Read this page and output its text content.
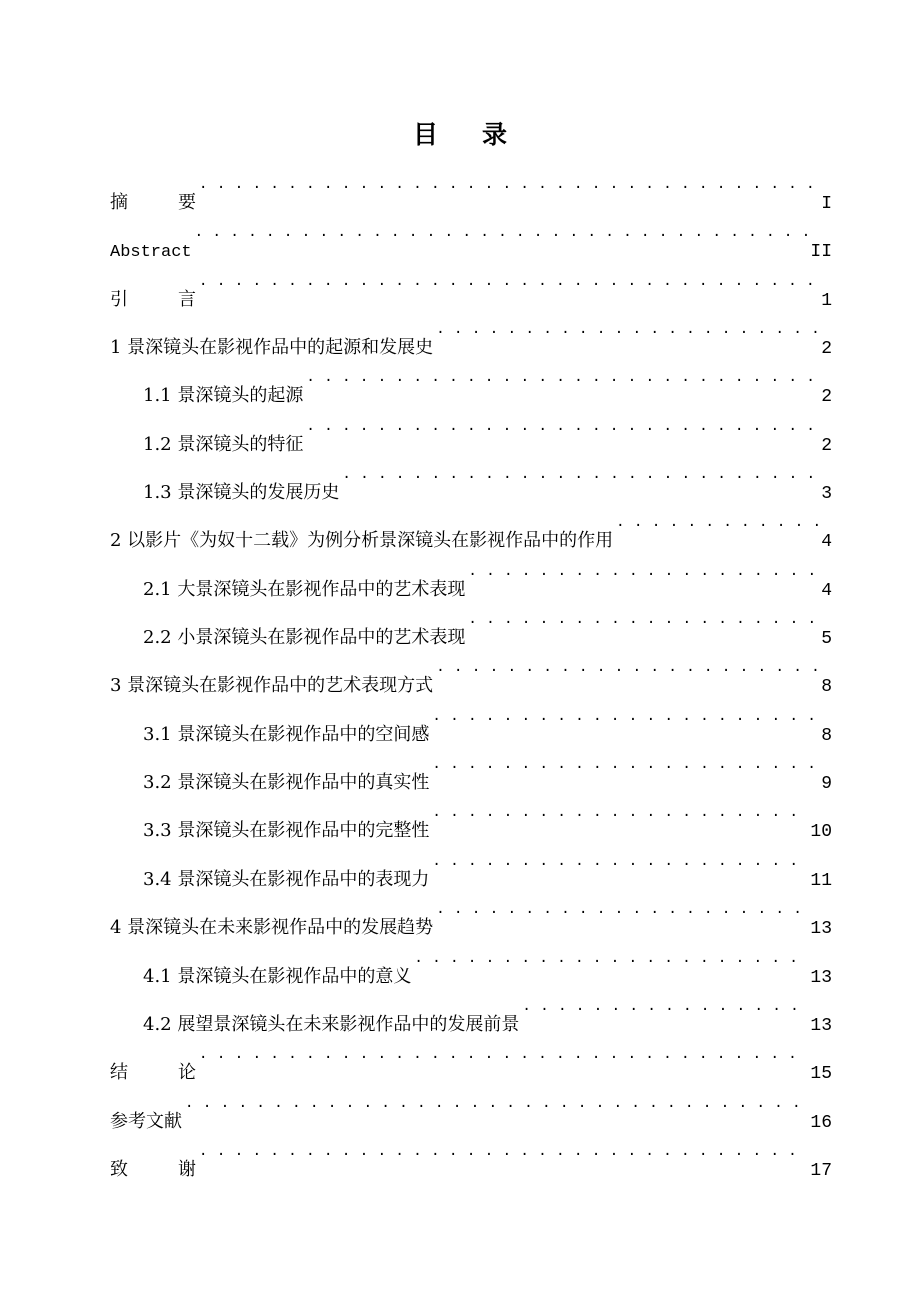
目录
摘要 . . .	I
Abstract . . .	II
引言 . . .	1
1 景深镜头在影视作品中的起源和发展史 . . .	2
1.1 景深镜头的起源 . . .	2
1.2 景深镜头的特征 . . .	2
1.3 景深镜头的发展历史 . . .	3
2 以影片《为奴十二载》为例分析景深镜头在影视作品中的作用 . . .	4
2.1 大景深镜头在影视作品中的艺术表现 . . .	4
2.2 小景深镜头在影视作品中的艺术表现 . . .	5
3 景深镜头在影视作品中的艺术表现方式 . . .	8
3.1 景深镜头在影视作品中的空间感 . . .	8
3.2 景深镜头在影视作品中的真实性 . . .	9
3.3 景深镜头在影视作品中的完整性 . . .	10
3.4 景深镜头在影视作品中的表现力 . . .	11
4 景深镜头在未来影视作品中的发展趋势 . . .	13
4.1 景深镜头在影视作品中的意义 . . .	13
4.2 展望景深镜头在未来影视作品中的发展前景 . . .	13
结论 . . .	15
参考文献 . . .	16
致谢 . . .	17
